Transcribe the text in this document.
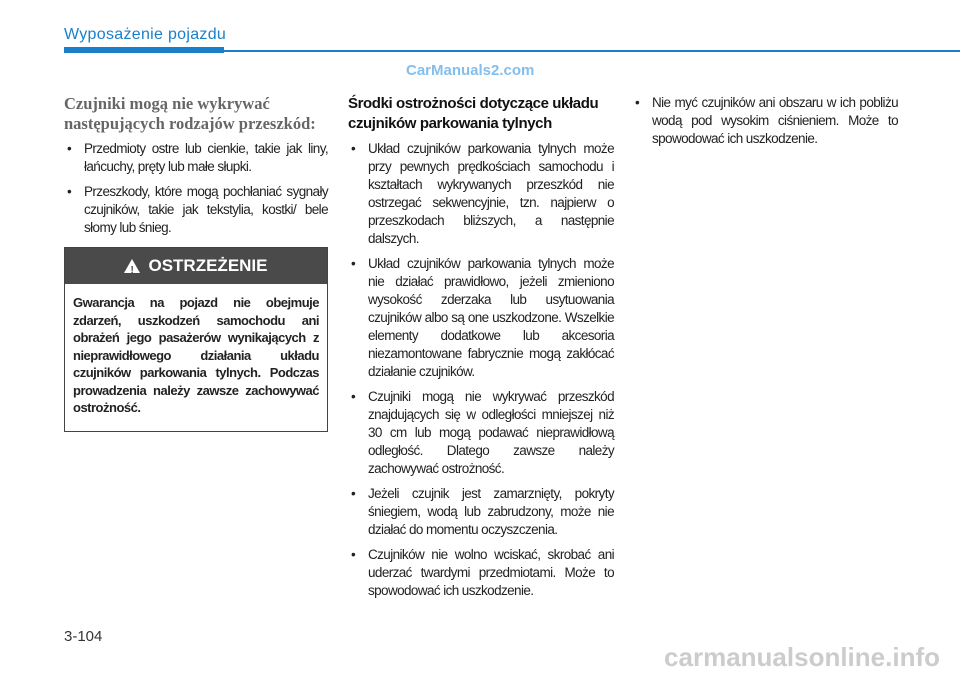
Wyposażenie pojazdu
Czujniki mogą nie wykrywać następujących rodzajów przeszkód:
• Przedmioty ostre lub cienkie, takie jak liny, łańcuchy, pręty lub małe słupki.
• Przeszkody, które mogą pochłaniać sygnały czujników, takie jak tekstylia, kostki/ bele słomy lub śnieg.
! OSTRZEŻENIE
Gwarancja na pojazd nie obejmuje zdarzeń, uszkodzeń samochodu ani obrażeń jego pasażerów wynikających z nieprawidłowego działania układu czujników parkowania tylnych. Podczas prowadzenia należy zawsze zachowywać ostrożność.
Środki ostrożności dotyczące układu czujników parkowania tylnych
• Układ czujników parkowania tylnych może przy pewnych prędkościach samochodu i kształtach wykrywanych przeszkód nie ostrzegać sekwencyjnie, tzn. najpierw o przeszkodach bliższych, a następnie dalszych.
• Układ czujników parkowania tylnych może nie działać prawidłowo, jeżeli zmieniono wysokość zderzaka lub usytuowania czujników albo są one uszkodzone. Wszelkie elementy dodatkowe lub akcesoria niezamontowane fabrycznie mogą zakłócać działanie czujników.
• Czujniki mogą nie wykrywać przeszkód znajdujących się w odległości mniejszej niż 30 cm lub mogą podawać nieprawidłową odległość. Dlatego zawsze należy zachowywać ostrożność.
• Jeżeli czujnik jest zamarznięty, pokryty śniegiem, wodą lub zabrudzony, może nie działać do momentu oczyszczenia.
• Czujników nie wolno wciskać, skrobać ani uderzać twardymi przedmiotami. Może to spowodować ich uszkodzenie.
• Nie myć czujników ani obszaru w ich pobliżu wodą pod wysokim ciśnieniem. Może to spowodować ich uszkodzenie.
CarManuals2.com
3-104
carmanualsonline.info
